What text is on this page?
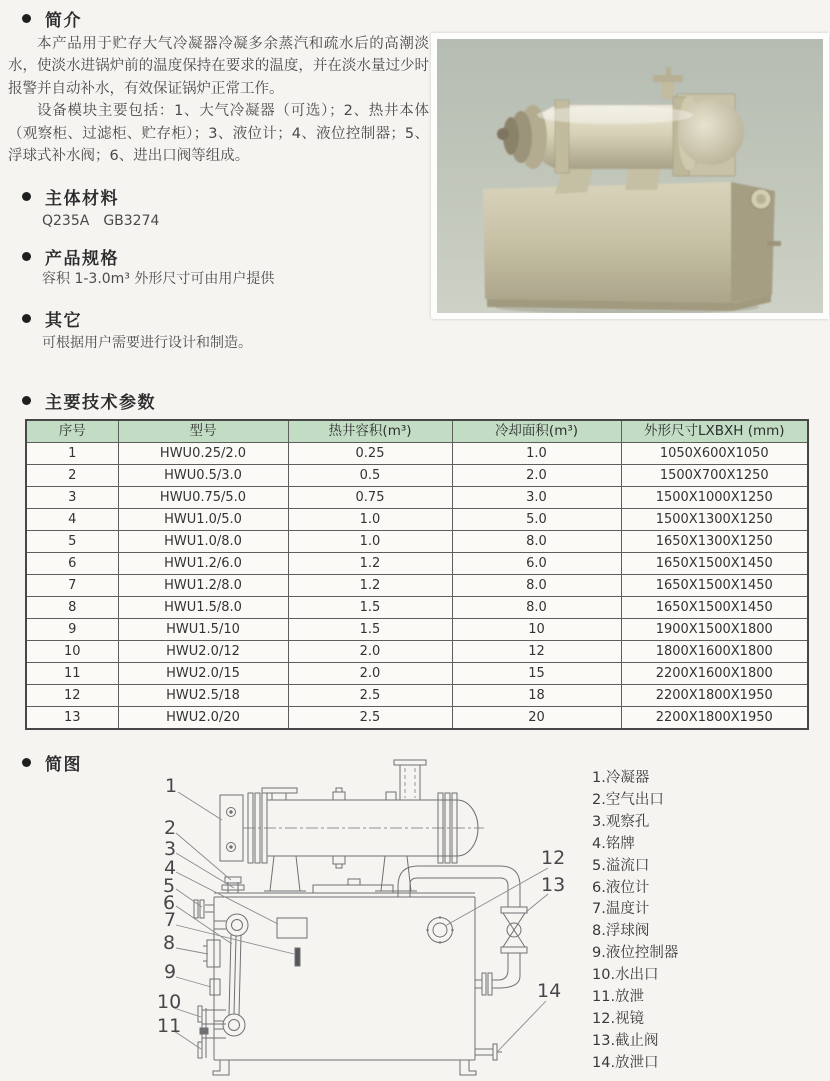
简介

本产品用于贮存大气冷凝器冷凝多余蒸汽和疏水后的高潮淡水，使淡水进锅炉前的温度保持在要求的温度，并在淡水量过少时报警并自动补水，有效保证锅炉正常工作。

设备模块主要包括：1、大气冷凝器（可选）；2、热井本体（观察柜、过滤柜、贮存柜）；3、液位计；4、液位控制器；5、浮球式补水阀；6、进出口阀等组成。

主体材料
Q235A　GB3274
产品规格
容积 1-3.0m³ 外形尺寸可由用户提供
其它
可根据用户需要进行设计和制造。
主要技术参数
序号	型号	热井容积(m³)	冷却面积(m³)	外形尺寸LXBXH (mm)
1	HWU0.25/2.0	0.25	1.0	1050X600X1050
2	HWU0.5/3.0	0.5	2.0	1500X700X1250
3	HWU0.75/5.0	0.75	3.0	1500X1000X1250
4	HWU1.0/5.0	1.0	5.0	1500X1300X1250
5	HWU1.0/8.0	1.0	8.0	1650X1300X1250
6	HWU1.2/6.0	1.2	6.0	1650X1500X1450
7	HWU1.2/8.0	1.2	8.0	1650X1500X1450
8	HWU1.5/8.0	1.5	8.0	1650X1500X1450
9	HWU1.5/10	1.5	10	1900X1500X1800
10	HWU2.0/12	2.0	12	1800X1600X1800
11	HWU2.0/15	2.0	15	2200X1600X1800
12	HWU2.5/18	2.5	18	2200X1800X1950
13	HWU2.0/20	2.5	20	2200X1800X1950
简图
1
2
3
4
5
6
7
8
9
10
11
12
13
14
1.冷凝器
2.空气出口
3.观察孔
4.铭牌
5.溢流口
6.液位计
7.温度计
8.浮球阀
9.液位控制器
10.水出口
11.放泄
12.视镜
13.截止阀
14.放泄口
